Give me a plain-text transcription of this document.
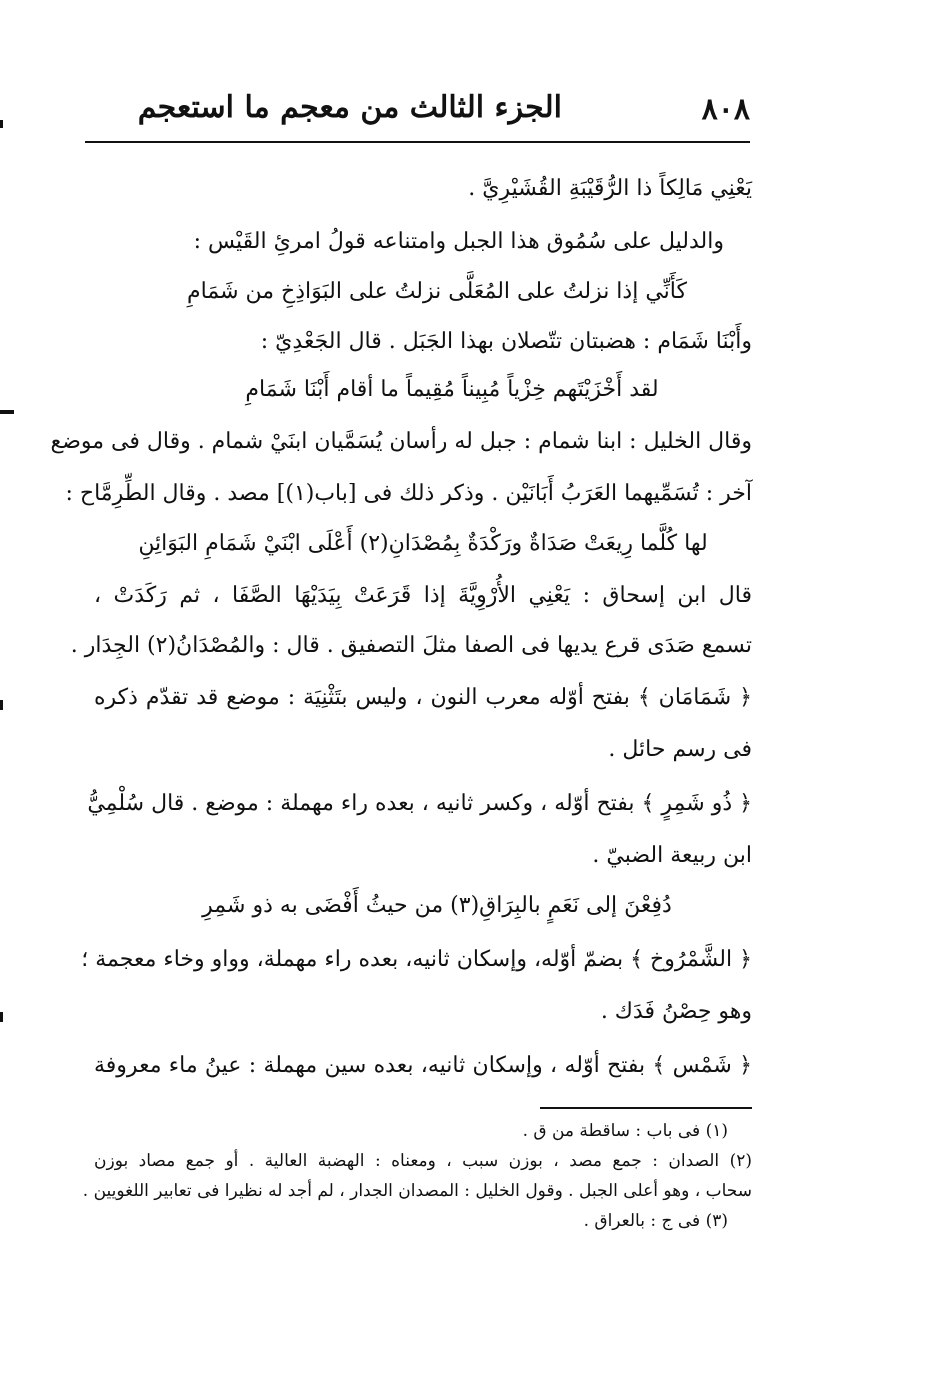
٨٠٨
الجزء الثالث من معجم ما استعجم
يَعْنِي مَالِكاً ذا الرُّقَيْبَةِ القُشَيْرِيَّ .
والدليل على سُمُوق هذا الجبل وامتناعه قولُ امرئِ القَيْس :
كَأَنِّي إذا نزلتُ على المُعَلَّى نزلتُ على البَوَاذِخِ من شَمَامِ
وأَبْنَا شَمَام : هضبتان تتّصلان بهذا الجَبَل . قال الجَعْدِيّ :
لقد أَخْزَيْتَهم خِزْياً مُبِيناً مُقِيماً ما أقام أَبْنَا شَمَامِ
وقال الخليل : ابنا شمام : جبل له رأسان يُسَمَّيان ابنَيْ شمام . وقال فى موضع
آخر : تُسَمِّيهما العَرَبُ أَبَانَيْن . وذكر ذلك فى [باب(١)] مصد . وقال الطِّرِمَّاح :
لها كُلَّما رِيعَتْ صَدَاةٌ ورَكْدَةٌ بِمُصْدَانِ(٢) أَعْلَى ابْنَيْ شَمَامِ البَوَائِنِ
قال ابن إسحاق : يَعْنِي الأُرْوِيَّةَ إذا قَرَعَتْ بِيَدَيْهَا الصَّفَا ، ثم رَكَدَتْ ،
تسمع صَدَى قرع يديها فى الصفا مثلَ التصفيق . قال : والمُصْدَانُ(٢) الجِدَار .
﴿ شَمَامَان ﴾ بفتح أوّله معرب النون ، وليس بتَثْنِيَة : موضع قد تقدّم ذكره
فى رسم حائل .
﴿ ذُو شَمِرٍ ﴾ بفتح أوّله ، وكسر ثانيه ، بعده راء مهملة : موضع . قال سُلْمِيُّ
ابن ربيعة الضبيّ .
دُفِعْنَ إلى نَعَمٍ بالبِرَاقِ(٣) من حيثُ أَفْضَى به ذو شَمِرِ
﴿ الشَّمْرُوخ ﴾ بضمّ أوّله، وإسكان ثانيه، بعده راء مهملة، وواو وخاء معجمة ؛
وهو حِصْنُ فَدَك .
﴿ شَمْس ﴾ بفتح أوّله ، وإسكان ثانيه، بعده سين مهملة : عينُ ماء معروفة
(١) فى باب : ساقطة من ق .
(٢) الصدان : جمع مصد ، بوزن سبب ، ومعناه : الهضبة العالية . أو جمع مصاد بوزن
سحاب ، وهو أعلى الجبل . وقول الخليل : المصدان الجدار ، لم أجد له نظيرا فى تعابير اللغويين .
(٣) فى ج : بالعراق .
